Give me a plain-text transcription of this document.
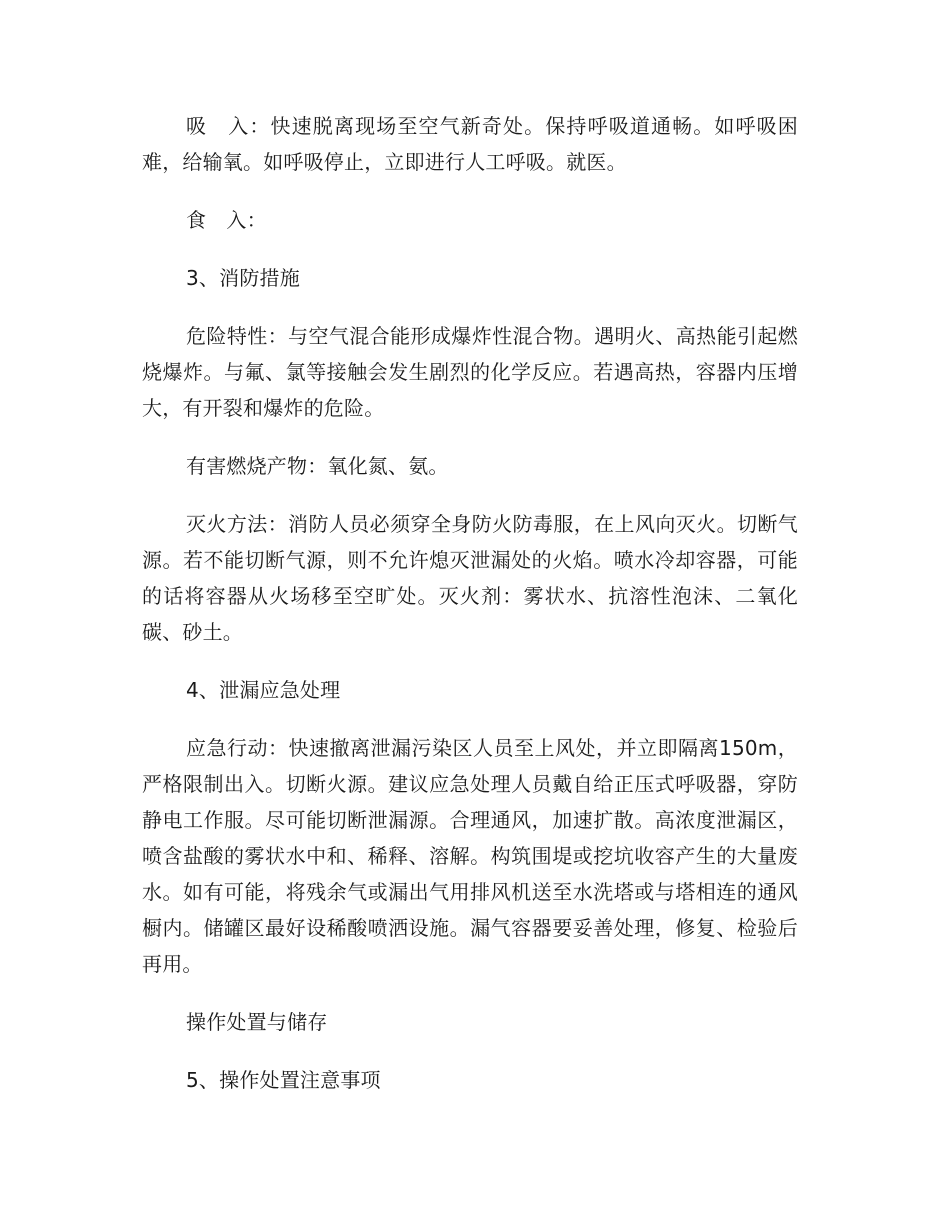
吸　入：快速脱离现场至空气新奇处。保持呼吸道通畅。如呼吸困难，给输氧。如呼吸停止，立即进行人工呼吸。就医。

食　入：

3、消防措施

危险特性：与空气混合能形成爆炸性混合物。遇明火、高热能引起燃烧爆炸。与氟、氯等接触会发生剧烈的化学反应。若遇高热，容器内压增大，有开裂和爆炸的危险。

有害燃烧产物：氧化氮、氨。

灭火方法：消防人员必须穿全身防火防毒服，在上风向灭火。切断气源。若不能切断气源，则不允许熄灭泄漏处的火焰。喷水冷却容器，可能的话将容器从火场移至空旷处。灭火剂：雾状水、抗溶性泡沫、二氧化碳、砂土。

4、泄漏应急处理

应急行动：快速撤离泄漏污染区人员至上风处，并立即隔离150m，严格限制出入。切断火源。建议应急处理人员戴自给正压式呼吸器，穿防静电工作服。尽可能切断泄漏源。合理通风，加速扩散。高浓度泄漏区，喷含盐酸的雾状水中和、稀释、溶解。构筑围堤或挖坑收容产生的大量废水。如有可能，将残余气或漏出气用排风机送至水洗塔或与塔相连的通风橱内。储罐区最好设稀酸喷洒设施。漏气容器要妥善处理，修复、检验后再用。

操作处置与储存

5、操作处置注意事项
